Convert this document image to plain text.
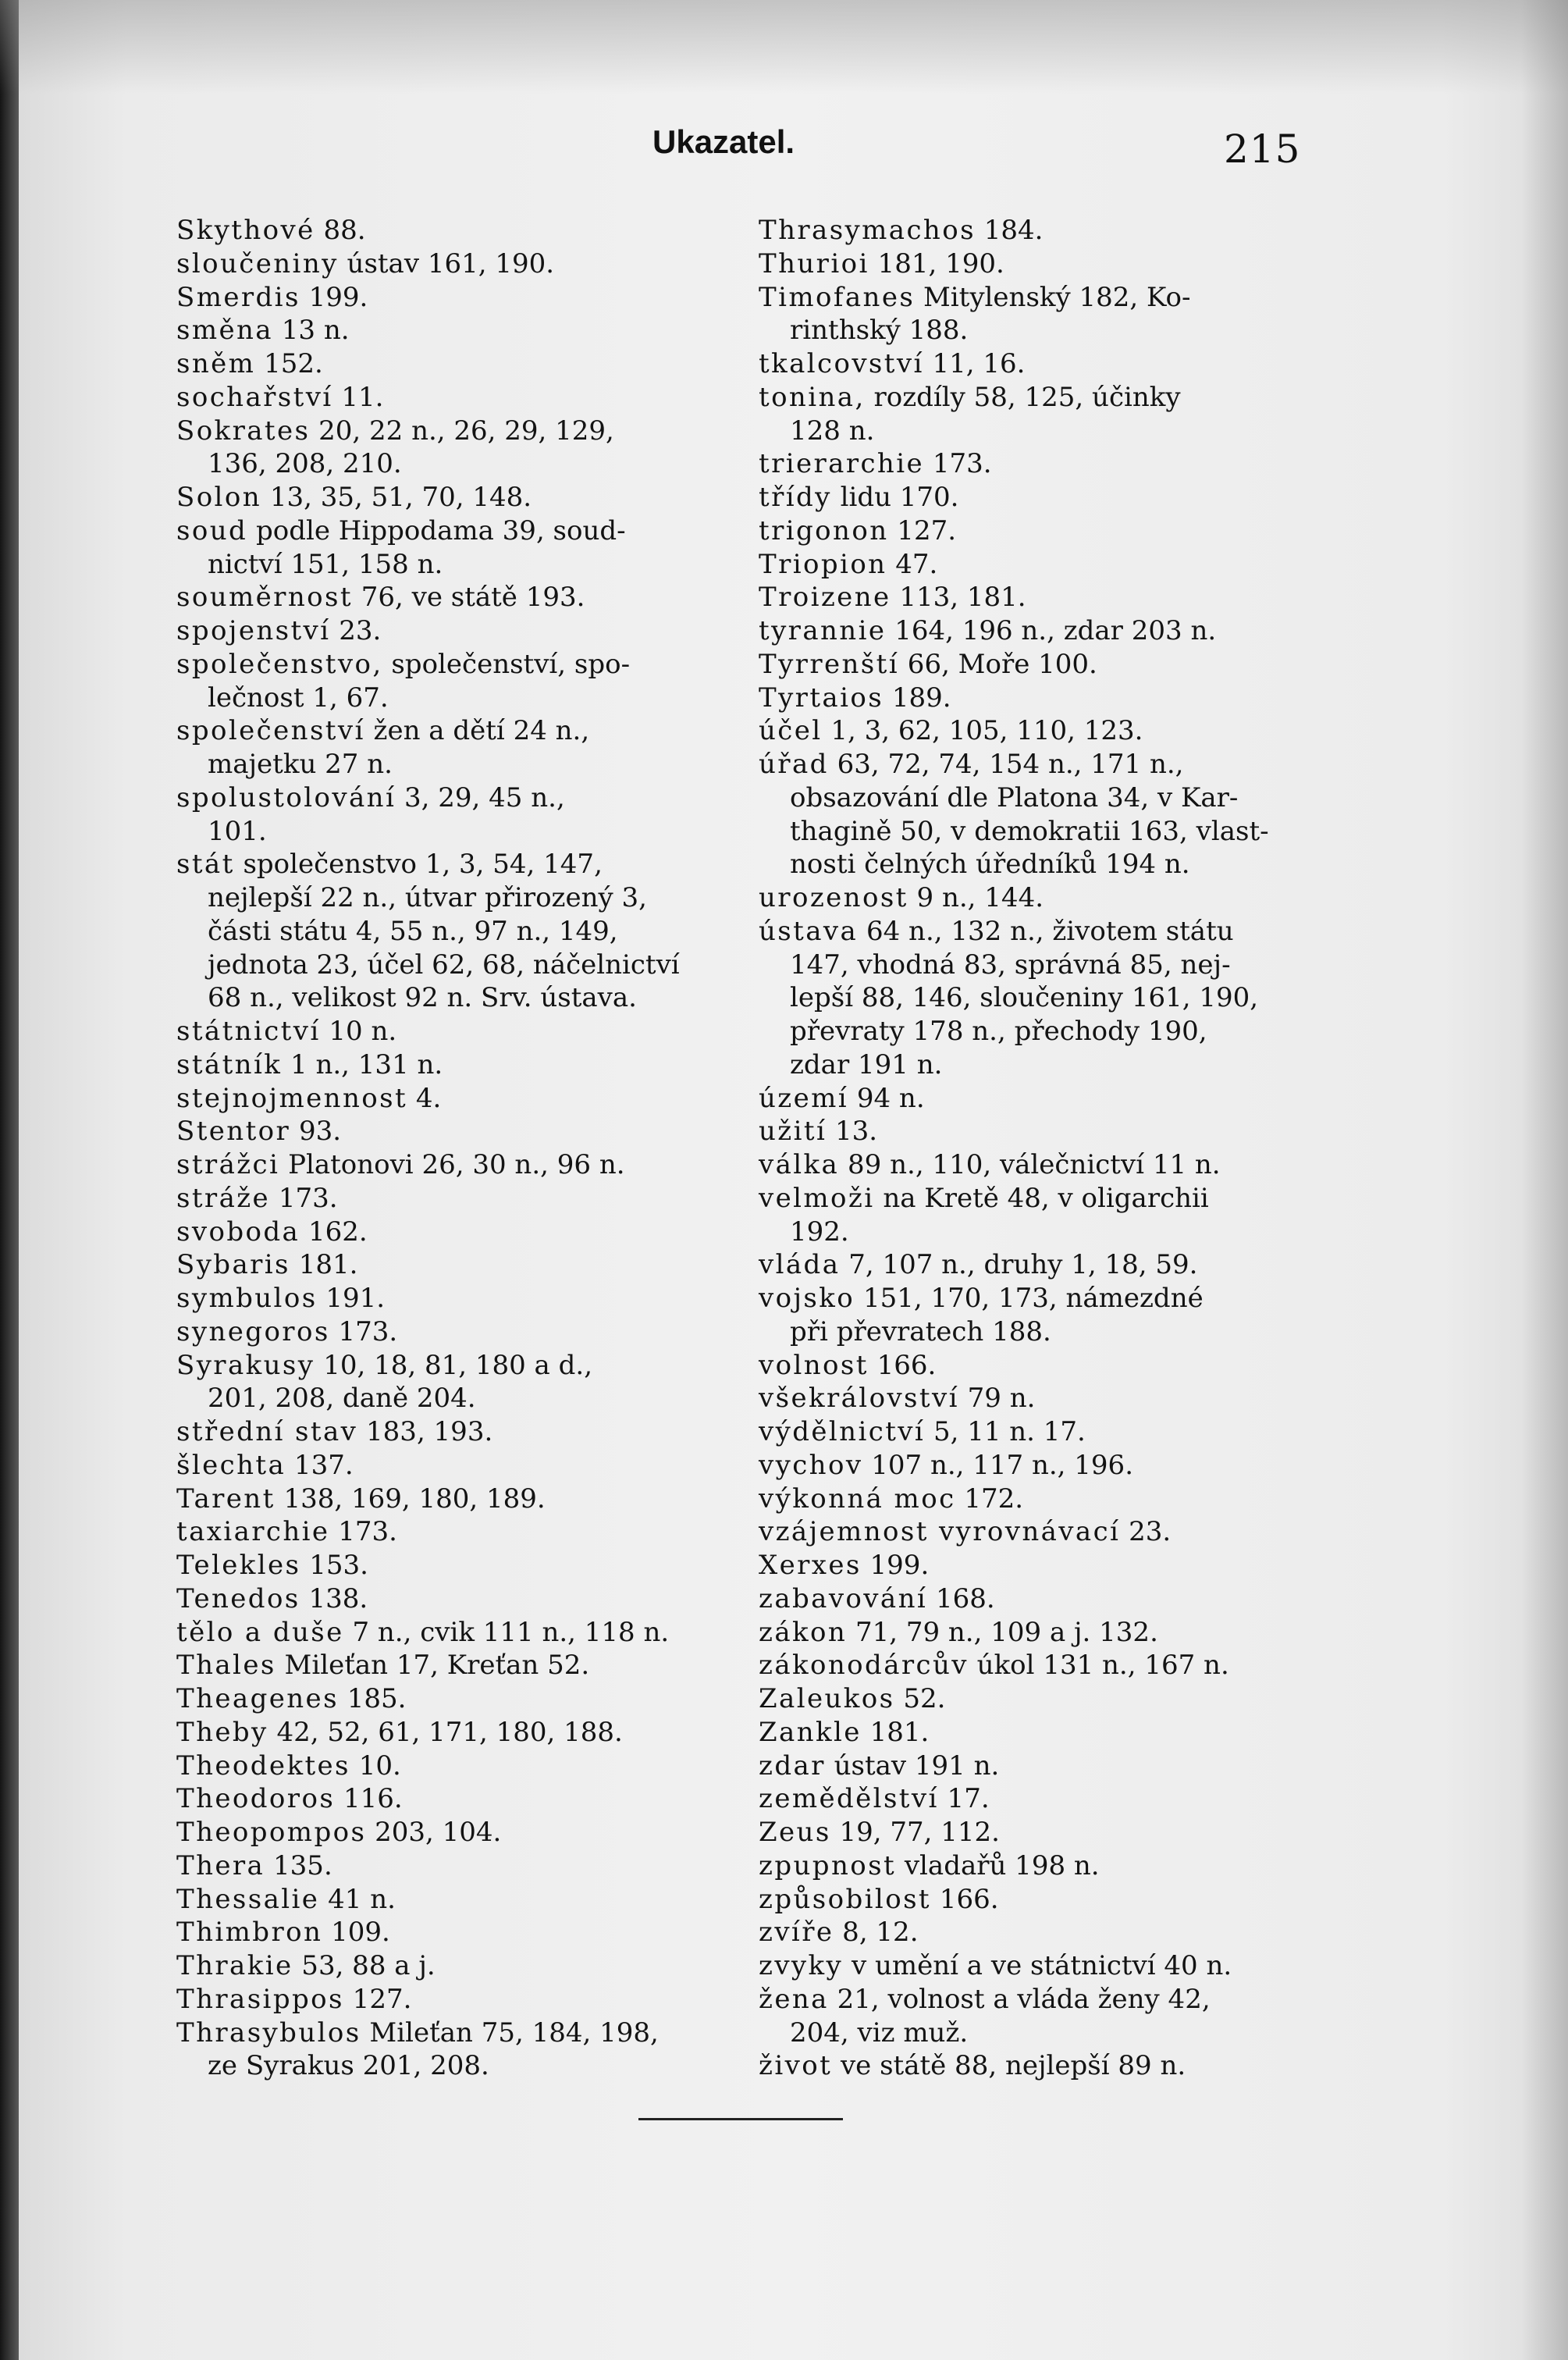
Ukazatel.	215

Skythové 88.

sloučeniny ústav 161, 190.

Smerdis 199.

směna 13 n.

sněm 152.

sochařství 11.

Sokrates 20, 22 n., 26, 29, 129,
136, 208, 210.

Solon 13, 35, 51, 70, 148.

soud podle Hippodama 39, soud-
nictví 151, 158 n.

souměrnost 76, ve státě 193.

spojenství 23.

společenstvo, společenství, spo-
lečnost 1, 67.

společenství žen a dětí 24 n.,
majetku 27 n.

spolustolování 3, 29, 45 n.,
101.

stát společenstvo 1, 3, 54, 147,
nejlepší 22 n., útvar přirozený 3,
části státu 4, 55 n., 97 n., 149,
jednota 23, účel 62, 68, náčelnictví
68 n., velikost 92 n. Srv. ústava.

státnictví 10 n.

státník 1 n., 131 n.

stejnojmennost 4.

Stentor 93.

strážci Platonovi 26, 30 n., 96 n.

stráže 173.

svoboda 162.

Sybaris 181.

symbulos 191.

synegoros 173.

Syrakusy 10, 18, 81, 180 a d.,
201, 208, daně 204.

střední stav 183, 193.

šlechta 137.

Tarent 138, 169, 180, 189.

taxiarchie 173.

Telekles 153.

Tenedos 138.

tělo a duše 7 n., cvik 111 n., 118 n.

Thales Mileťan 17, Kreťan 52.

Theagenes 185.

Theby 42, 52, 61, 171, 180, 188.

Theodektes 10.

Theodoros 116.

Theopompos 203, 104.

Thera 135.

Thessalie 41 n.

Thimbron 109.

Thrakie 53, 88 a j.

Thrasippos 127.

Thrasybulos Mileťan 75, 184, 198,
ze Syrakus 201, 208.

Thrasymachos 184.

Thurioi 181, 190.

Timofanes Mitylenský 182, Ko-
rinthský 188.

tkalcovství 11, 16.

tonina, rozdíly 58, 125, účinky
128 n.

trierarchie 173.

třídy lidu 170.

trigonon 127.

Triopion 47.

Troizene 113, 181.

tyrannie 164, 196 n., zdar 203 n.

Tyrrenští 66, Moře 100.

Tyrtaios 189.

účel 1, 3, 62, 105, 110, 123.

úřad 63, 72, 74, 154 n., 171 n.,
obsazování dle Platona 34, v Kar-
thagině 50, v demokratii 163, vlast-
nosti čelných úředníků 194 n.

urozenost 9 n., 144.

ústava 64 n., 132 n., životem státu
147, vhodná 83, správná 85, nej-
lepší 88, 146, sloučeniny 161, 190,
převraty 178 n., přechody 190,
zdar 191 n.

území 94 n.

užití 13.

válka 89 n., 110, válečnictví 11 n.

velmoži na Kretě 48, v oligarchii
192.

vláda 7, 107 n., druhy 1, 18, 59.

vojsko 151, 170, 173, námezdné
při převratech 188.

volnost 166.

všekrálovství 79 n.

výdělnictví 5, 11 n. 17.

vychov 107 n., 117 n., 196.

výkonná moc 172.

vzájemnost vyrovnávací 23.

Xerxes 199.

zabavování 168.

zákon 71, 79 n., 109 a j. 132.

zákonodárcův úkol 131 n., 167 n.

Zaleukos 52.

Zankle 181.

zdar ústav 191 n.

zemědělství 17.

Zeus 19, 77, 112.

zpupnost vladařů 198 n.

způsobilost 166.

zvíře 8, 12.

zvyky v umění a ve státnictví 40 n.

žena 21, volnost a vláda ženy 42,
204, viz muž.

život ve státě 88, nejlepší 89 n.
